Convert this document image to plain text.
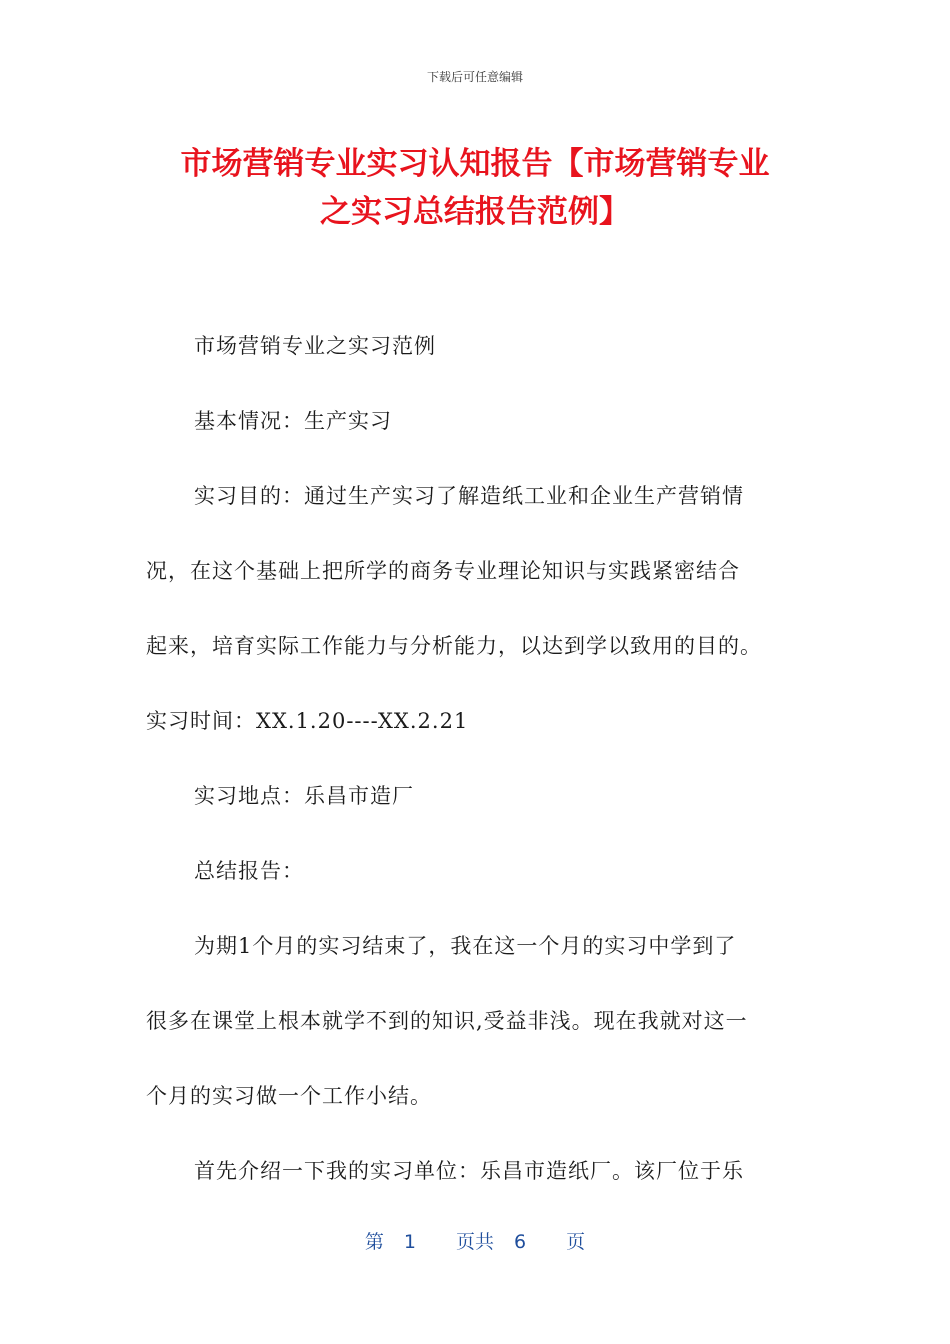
下载后可任意编辑
市场营销专业实习认知报告【市场营销专业
之实习总结报告范例】
市场营销专业之实习范例
基本情况：生产实习
实习目的：通过生产实习了解造纸工业和企业生产营销情
况，在这个基础上把所学的商务专业理论知识与实践紧密结合
起来，培育实际工作能力与分析能力，以达到学以致用的目的。
实习时间：XX.1.20----XX.2.21
实习地点：乐昌市造厂
总结报告：
为期1个月的实习结束了，我在这一个月的实习中学到了
很多在课堂上根本就学不到的知识,受益非浅。现在我就对这一
个月的实习做一个工作小结。
首先介绍一下我的实习单位：乐昌市造纸厂。该厂位于乐
第 1 页共 6 页
